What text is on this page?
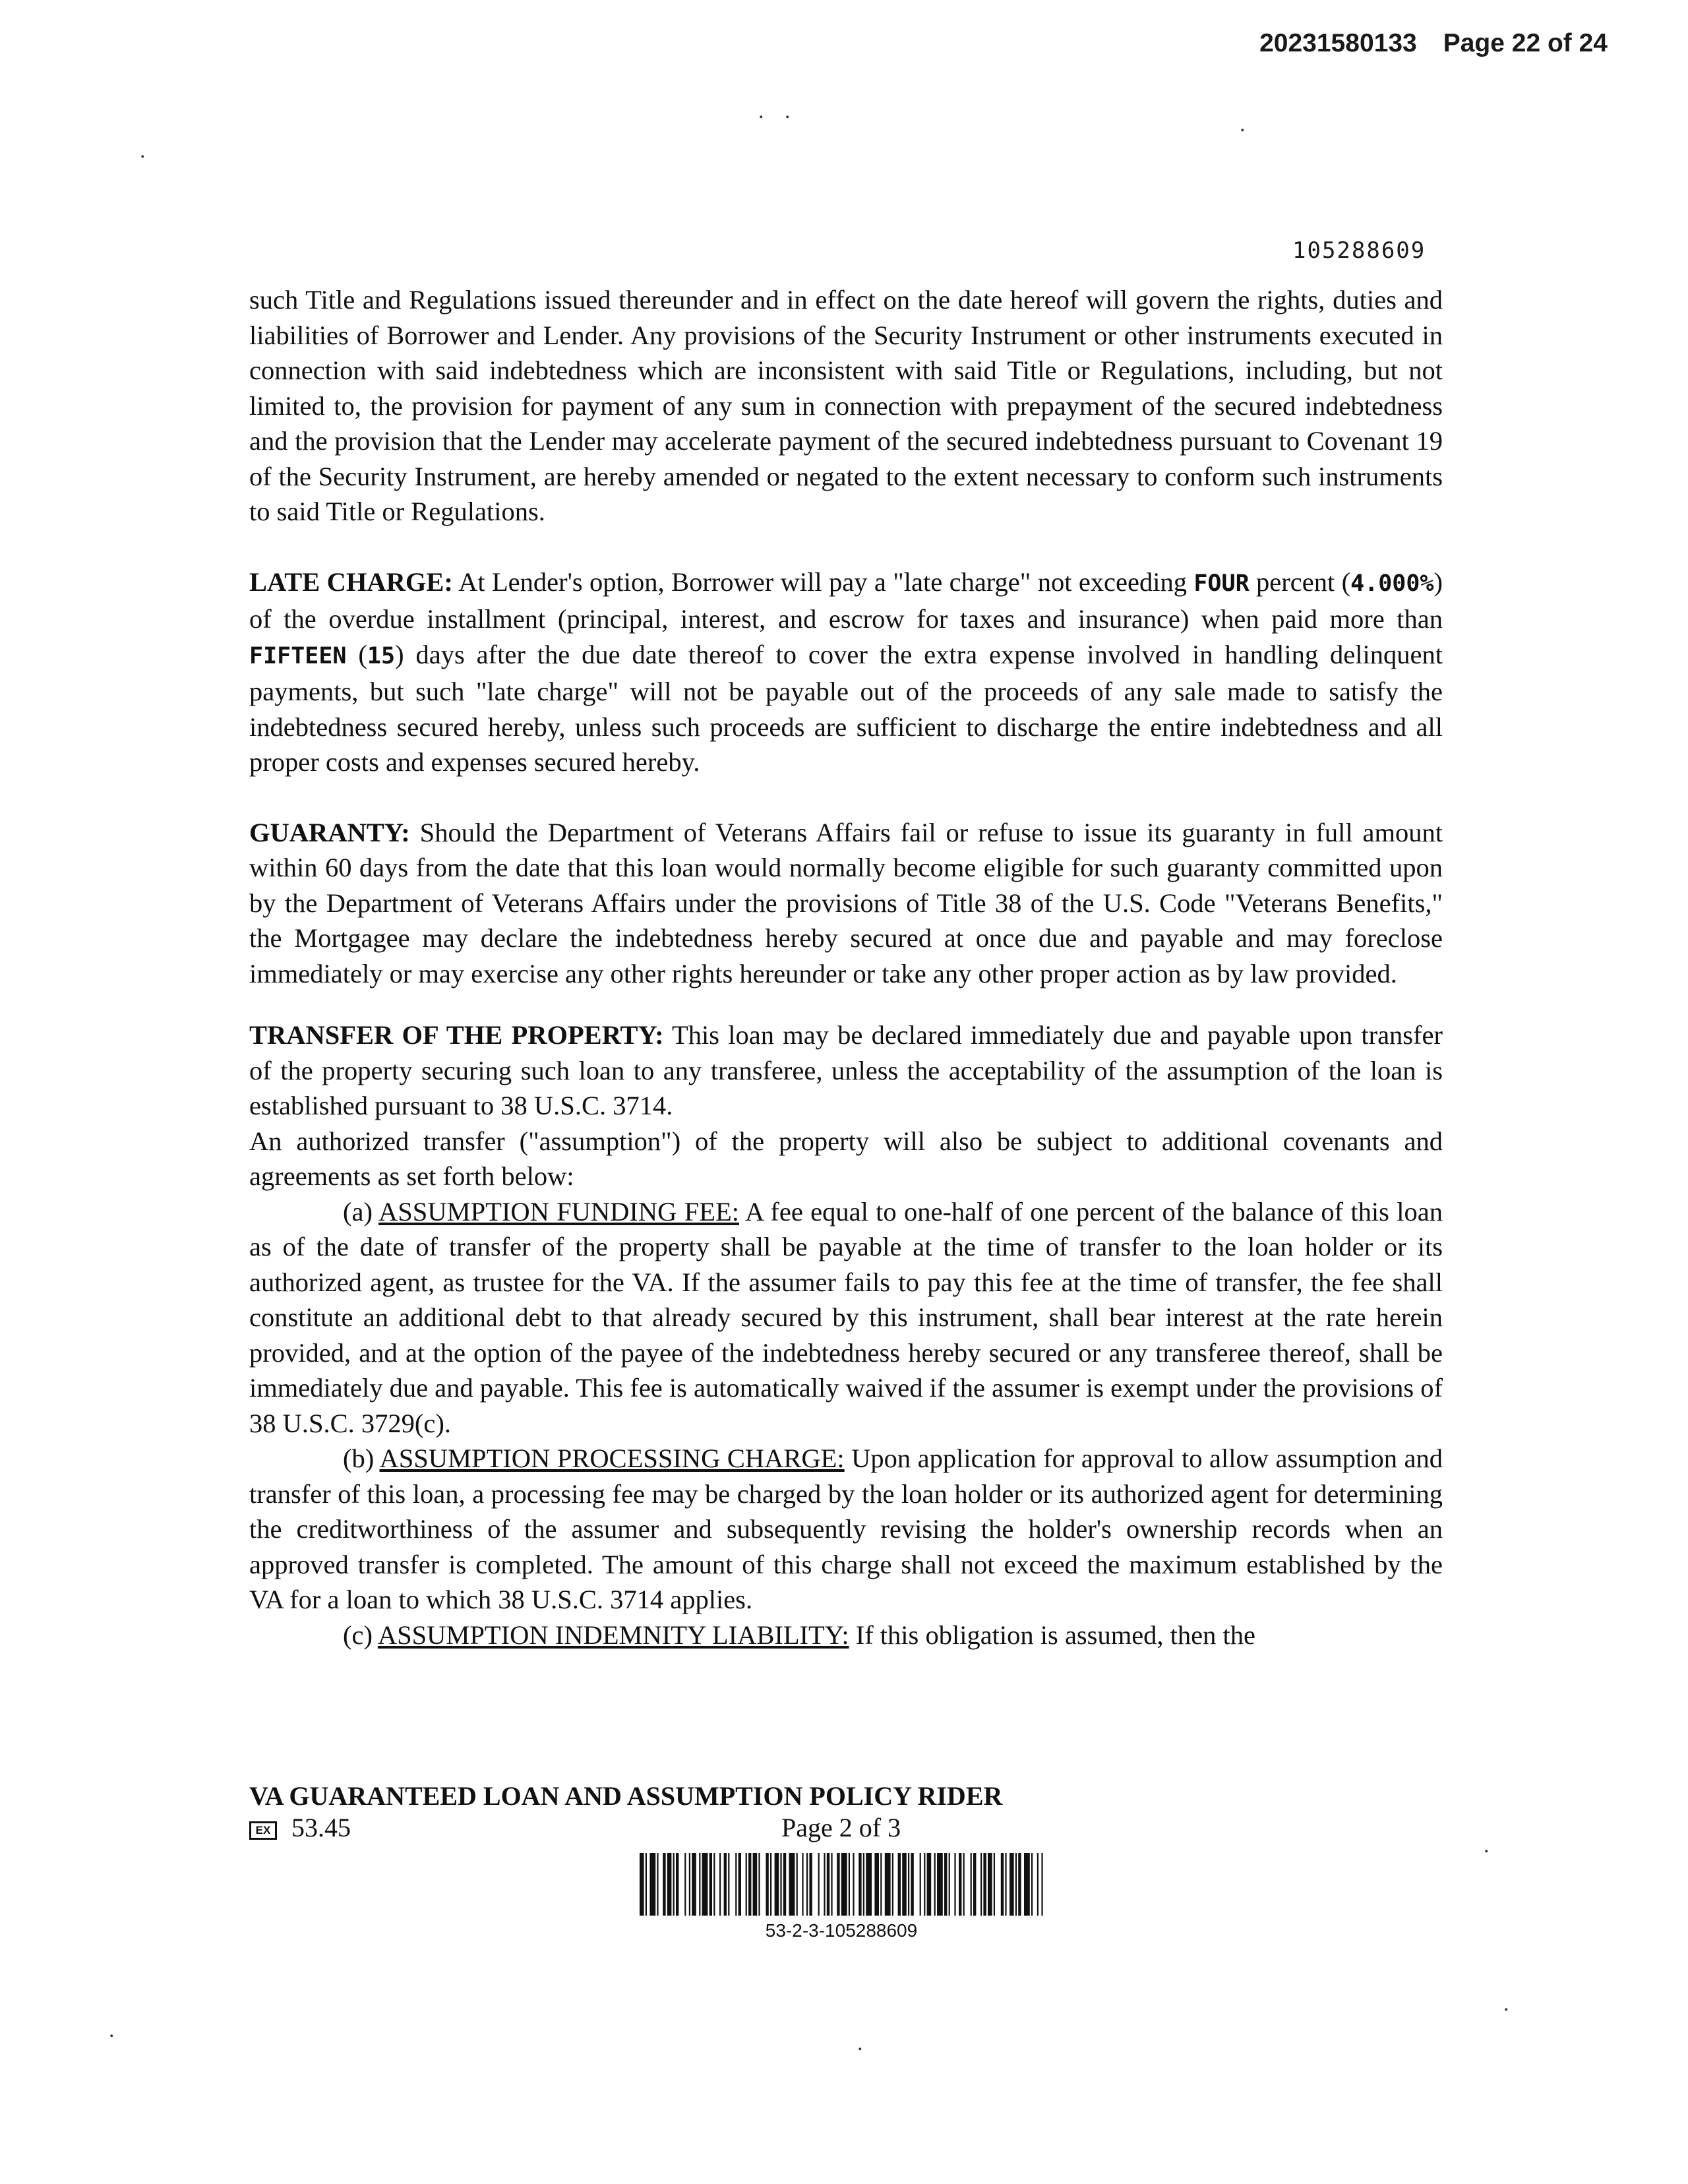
20231580133 Page 22 of 24
. .
.
.
105288609

such Title and Regulations issued thereunder and in effect on the date hereof will govern the rights, duties and liabilities of Borrower and Lender. Any provisions of the Security Instrument or other instruments executed in connection with said indebtedness which are inconsistent with said Title or Regulations, including, but not limited to, the provision for payment of any sum in connection with prepayment of the secured indebtedness and the provision that the Lender may accelerate payment of the secured indebtedness pursuant to Covenant 19 of the Security Instrument, are hereby amended or negated to the extent necessary to conform such instruments to said Title or Regulations.

LATE CHARGE: At Lender's option, Borrower will pay a "late charge" not exceeding FOUR percent (4.000%) of the overdue installment (principal, interest, and escrow for taxes and insurance) when paid more than FIFTEEN (15) days after the due date thereof to cover the extra expense involved in handling delinquent payments, but such "late charge" will not be payable out of the proceeds of any sale made to satisfy the indebtedness secured hereby, unless such proceeds are sufficient to discharge the entire indebtedness and all proper costs and expenses secured hereby.

GUARANTY: Should the Department of Veterans Affairs fail or refuse to issue its guaranty in full amount within 60 days from the date that this loan would normally become eligible for such guaranty committed upon by the Department of Veterans Affairs under the provisions of Title 38 of the U.S. Code "Veterans Benefits," the Mortgagee may declare the indebtedness hereby secured at once due and payable and may foreclose immediately or may exercise any other rights hereunder or take any other proper action as by law provided.

TRANSFER OF THE PROPERTY: This loan may be declared immediately due and payable upon transfer of the property securing such loan to any transferee, unless the acceptability of the assumption of the loan is established pursuant to 38 U.S.C. 3714.

An authorized transfer ("assumption") of the property will also be subject to additional covenants and agreements as set forth below:

(a) ASSUMPTION FUNDING FEE: A fee equal to one-half of one percent of the balance of this loan as of the date of transfer of the property shall be payable at the time of transfer to the loan holder or its authorized agent, as trustee for the VA. If the assumer fails to pay this fee at the time of transfer, the fee shall constitute an additional debt to that already secured by this instrument, shall bear interest at the rate herein provided, and at the option of the payee of the indebtedness hereby secured or any transferee thereof, shall be immediately due and payable. This fee is automatically waived if the assumer is exempt under the provisions of 38 U.S.C. 3729(c).

(b) ASSUMPTION PROCESSING CHARGE: Upon application for approval to allow assumption and transfer of this loan, a processing fee may be charged by the loan holder or its authorized agent for determining the creditworthiness of the assumer and subsequently revising the holder's ownership records when an approved transfer is completed. The amount of this charge shall not exceed the maximum established by the VA for a loan to which 38 U.S.C. 3714 applies.

(c) ASSUMPTION INDEMNITY LIABILITY: If this obligation is assumed, then the

VA GUARANTEED LOAN AND ASSUMPTION POLICY RIDER
EX 53.45	Page 2 of 3
53-2-3-105288609
.
.
.
.
